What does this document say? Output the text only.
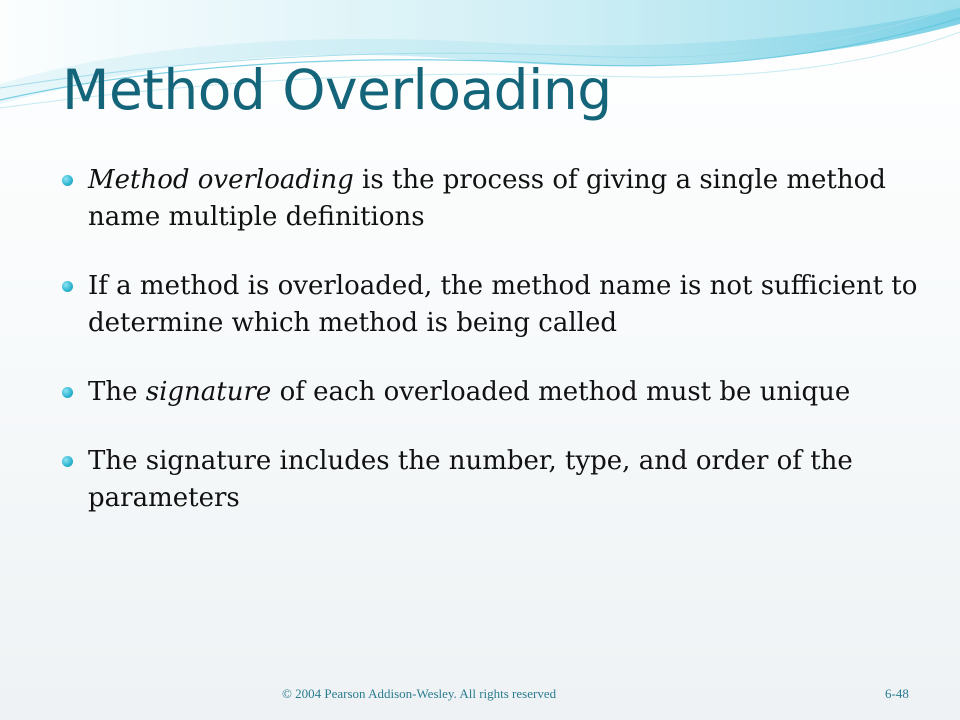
Method Overloading
Method overloading is the process of giving a single method name multiple definitions
If a method is overloaded, the method name is not sufficient to determine which method is being called
The signature of each overloaded method must be unique
The signature includes the number, type, and order of the parameters
© 2004 Pearson Addison-Wesley. All rights reserved	6-48
